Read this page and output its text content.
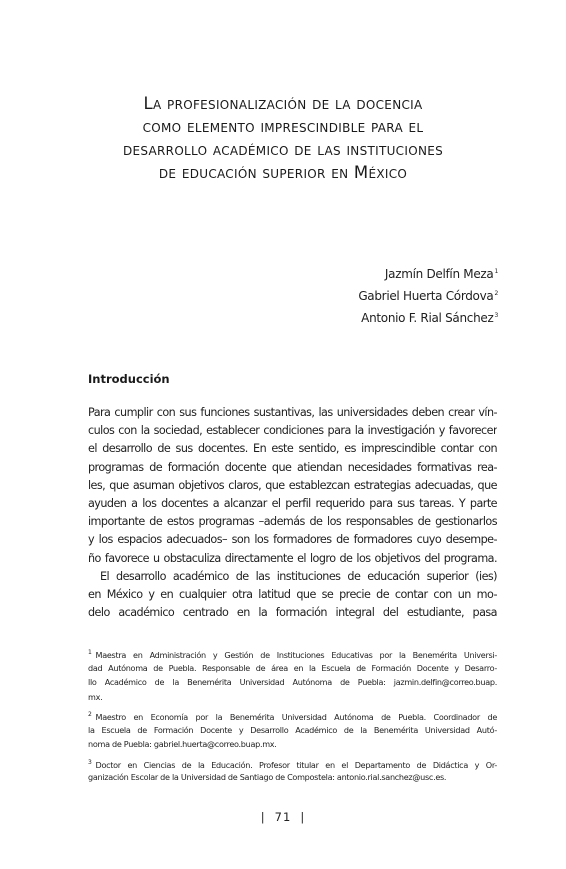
La profesionalización de la docencia
como elemento imprescindible para el
desarrollo académico de las instituciones
de educación superior en México
Jazmín Delfín Meza$^1$
Gabriel Huerta Córdova$^2$
Antonio F. Rial Sánchez$^3$
Introducción
Para cumplir con sus funciones sustantivas, las universidades deben crear vín-
culos con la sociedad, establecer condiciones para la investigación y favorecer
el desarrollo de sus docentes. En este sentido, es imprescindible contar con
programas de formación docente que atiendan necesidades formativas rea-
les, que asuman objetivos claros, que establezcan estrategias adecuadas, que
ayuden a los docentes a alcanzar el perfil requerido para sus tareas. Y parte
importante de estos programas –además de los responsables de gestionarlos
y los espacios adecuados– son los formadores de formadores cuyo desempe-
ño favorece u obstaculiza directamente el logro de los objetivos del programa.
El desarrollo académico de las instituciones de educación superior (ies)
en México y en cualquier otra latitud que se precie de contar con un mo-
delo académico centrado en la formación integral del estudiante, pasa
$^1$ Maestra en Administración y Gestión de Instituciones Educativas por la Benemérita Universi-
dad Autónoma de Puebla. Responsable de área en la Escuela de Formación Docente y Desarro-
llo Académico de la Benemérita Universidad Autónoma de Puebla: jazmin.delfin@correo.buap.
mx.
$^2$ Maestro en Economía por la Benemérita Universidad Autónoma de Puebla. Coordinador de
la Escuela de Formación Docente y Desarrollo Académico de la Benemérita Universidad Autó-
noma de Puebla: gabriel.huerta@correo.buap.mx.
$^3$ Doctor en Ciencias de la Educación. Profesor titular en el Departamento de Didáctica y Or-
ganización Escolar de la Universidad de Santiago de Compostela: antonio.rial.sanchez@usc.es.
| 71 |
